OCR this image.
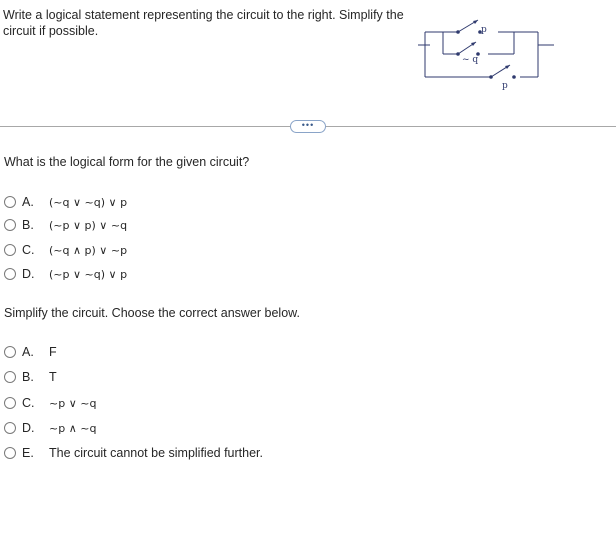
Write a logical statement representing the circuit to the right. Simplify the circuit if possible.	p
~ q
p
•••
What is the logical form for the given circuit?
A.	(~q ∨ ~q) ∨ p
B.	(~p ∨ p) ∨ ~q
C.	(~q ∧ p) ∨ ~p
D.	(~p ∨ ~q) ∨ p
Simplify the circuit. Choose the correct answer below.
A.	F
B.	T
C.	~p ∨ ~q
D.	~p ∧ ~q
E.	The circuit cannot be simplified further.
